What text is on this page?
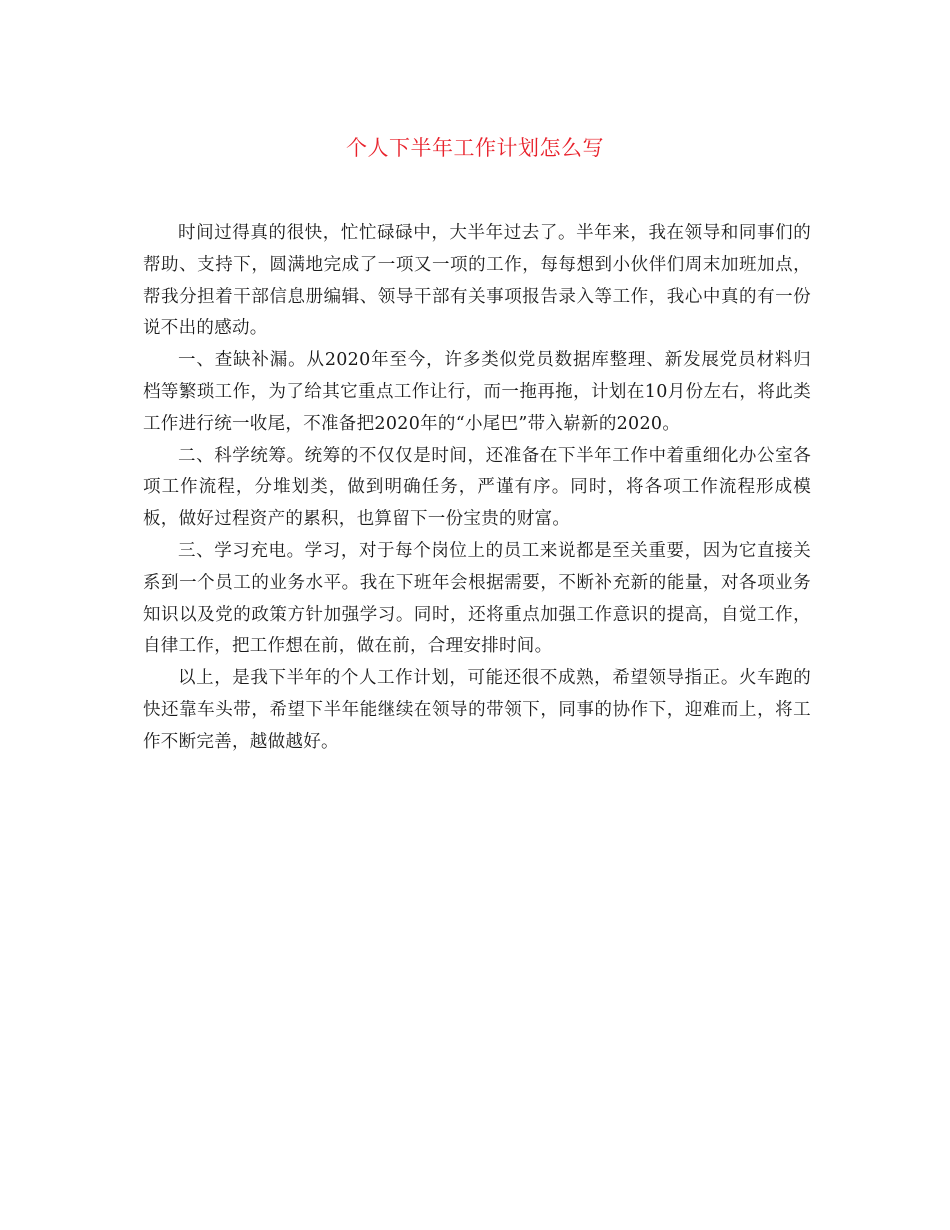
个人下半年工作计划怎么写

时间过得真的很快，忙忙碌碌中，大半年过去了。半年来，我在领导和同事们的帮助、支持下，圆满地完成了一项又一项的工作，每每想到小伙伴们周末加班加点，帮我分担着干部信息册编辑、领导干部有关事项报告录入等工作，我心中真的有一份说不出的感动。

一、查缺补漏。从2020年至今，许多类似党员数据库整理、新发展党员材料归档等繁琐工作，为了给其它重点工作让行，而一拖再拖，计划在10月份左右，将此类工作进行统一收尾，不准备把2020年的“小尾巴”带入崭新的2020。

二、科学统筹。统筹的不仅仅是时间，还准备在下半年工作中着重细化办公室各项工作流程，分堆划类，做到明确任务，严谨有序。同时，将各项工作流程形成模板，做好过程资产的累积，也算留下一份宝贵的财富。

三、学习充电。学习，对于每个岗位上的员工来说都是至关重要，因为它直接关系到一个员工的业务水平。我在下班年会根据需要，不断补充新的能量，对各项业务知识以及党的政策方针加强学习。同时，还将重点加强工作意识的提高，自觉工作，自律工作，把工作想在前，做在前，合理安排时间。

以上，是我下半年的个人工作计划，可能还很不成熟，希望领导指正。火车跑的快还靠车头带，希望下半年能继续在领导的带领下，同事的协作下，迎难而上，将工作不断完善，越做越好。
